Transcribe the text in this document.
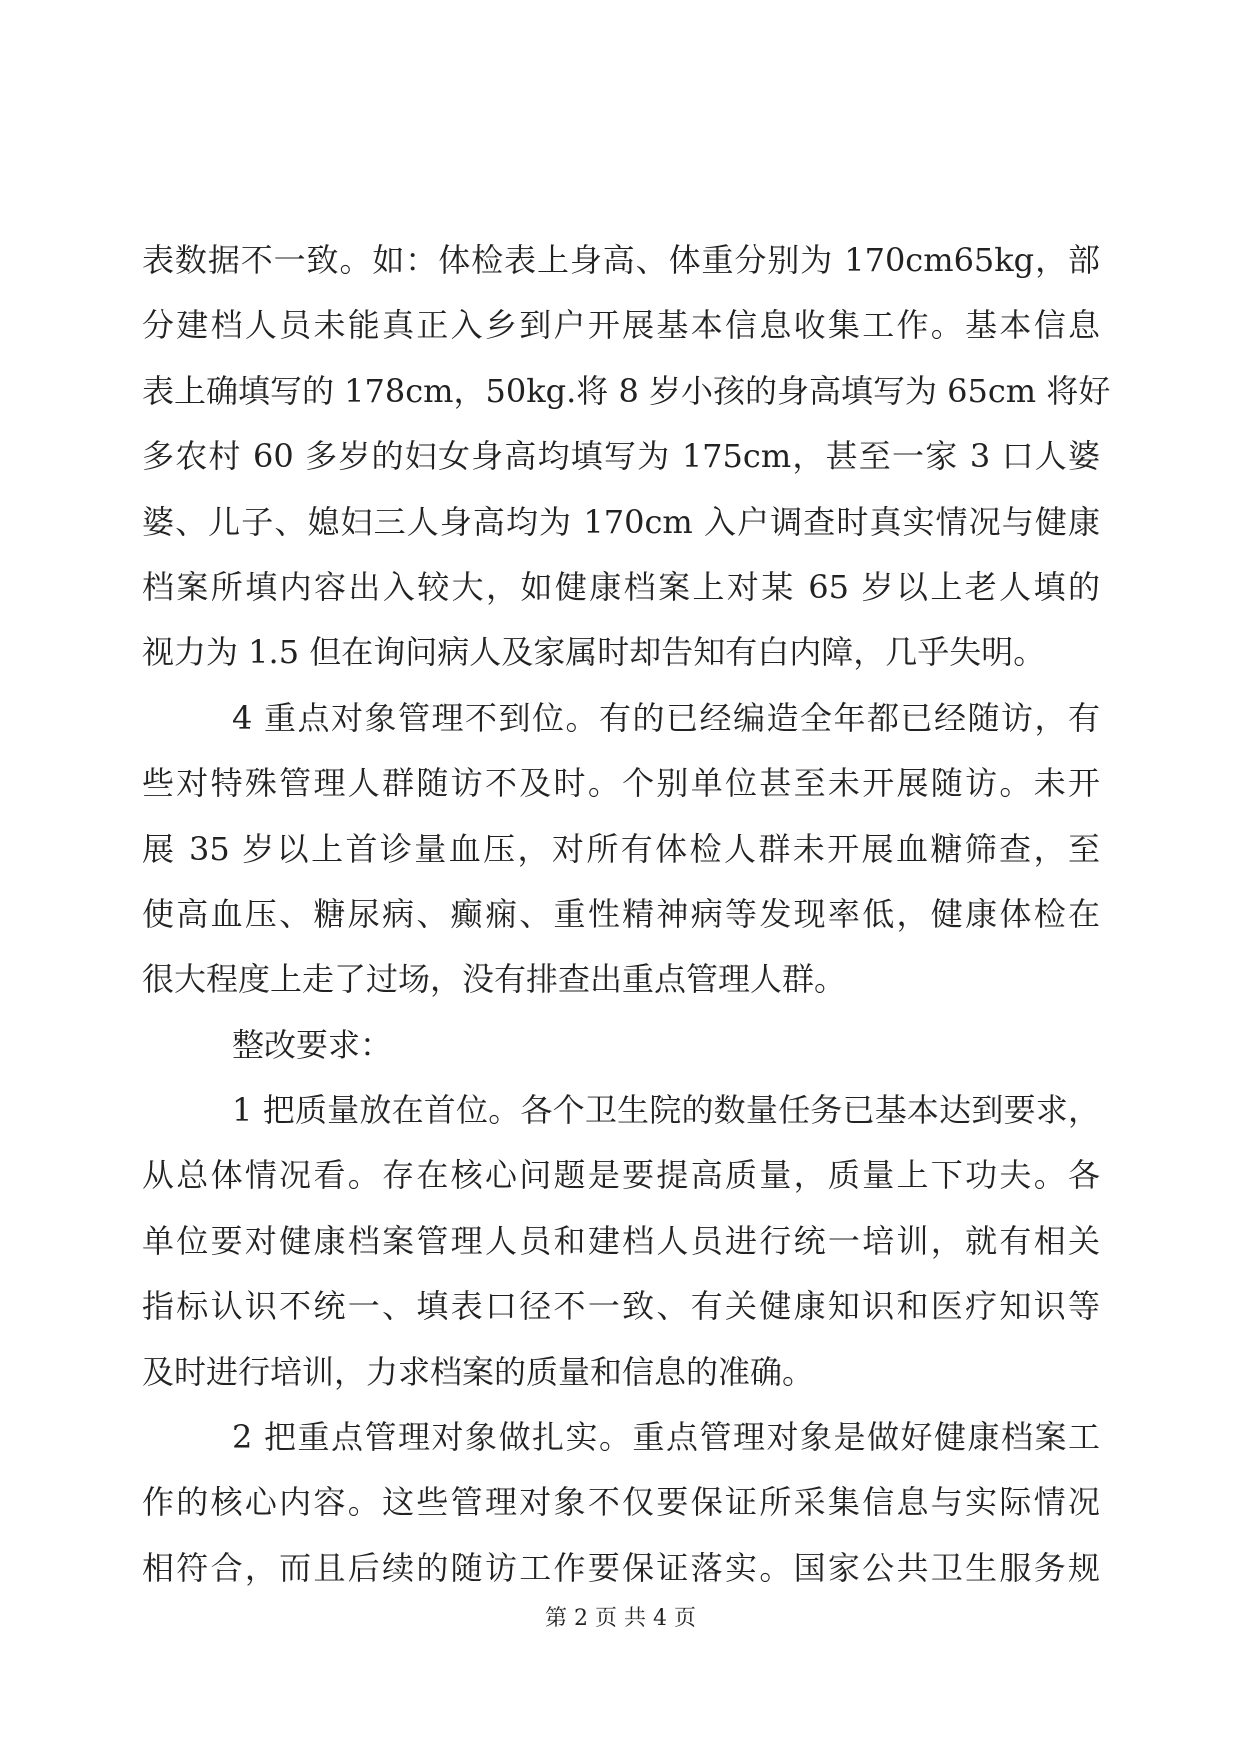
表数据不一致。如：体检表上身高、体重分别为 170cm65kg，部
分建档人员未能真正入乡到户开展基本信息收集工作。基本信息
表上确填写的 178cm，50kg.将 8 岁小孩的身高填写为 65cm 将好
多农村 60 多岁的妇女身高均填写为 175cm，甚至一家 3 口人婆
婆、儿子、媳妇三人身高均为 170cm 入户调查时真实情况与健康
档案所填内容出入较大，如健康档案上对某 65 岁以上老人填的
视力为 1.5 但在询问病人及家属时却告知有白内障，几乎失明。
4 重点对象管理不到位。有的已经编造全年都已经随访，有
些对特殊管理人群随访不及时。个别单位甚至未开展随访。未开
展 35 岁以上首诊量血压，对所有体检人群未开展血糖筛查，至
使高血压、糖尿病、癫痫、重性精神病等发现率低，健康体检在
很大程度上走了过场，没有排查出重点管理人群。
整改要求：
1 把质量放在首位。各个卫生院的数量任务已基本达到要求，
从总体情况看。存在核心问题是要提高质量，质量上下功夫。各
单位要对健康档案管理人员和建档人员进行统一培训，就有相关
指标认识不统一、填表口径不一致、有关健康知识和医疗知识等
及时进行培训，力求档案的质量和信息的准确。
2 把重点管理对象做扎实。重点管理对象是做好健康档案工
作的核心内容。这些管理对象不仅要保证所采集信息与实际情况
相符合，而且后续的随访工作要保证落实。国家公共卫生服务规
第 2 页 共 4 页
